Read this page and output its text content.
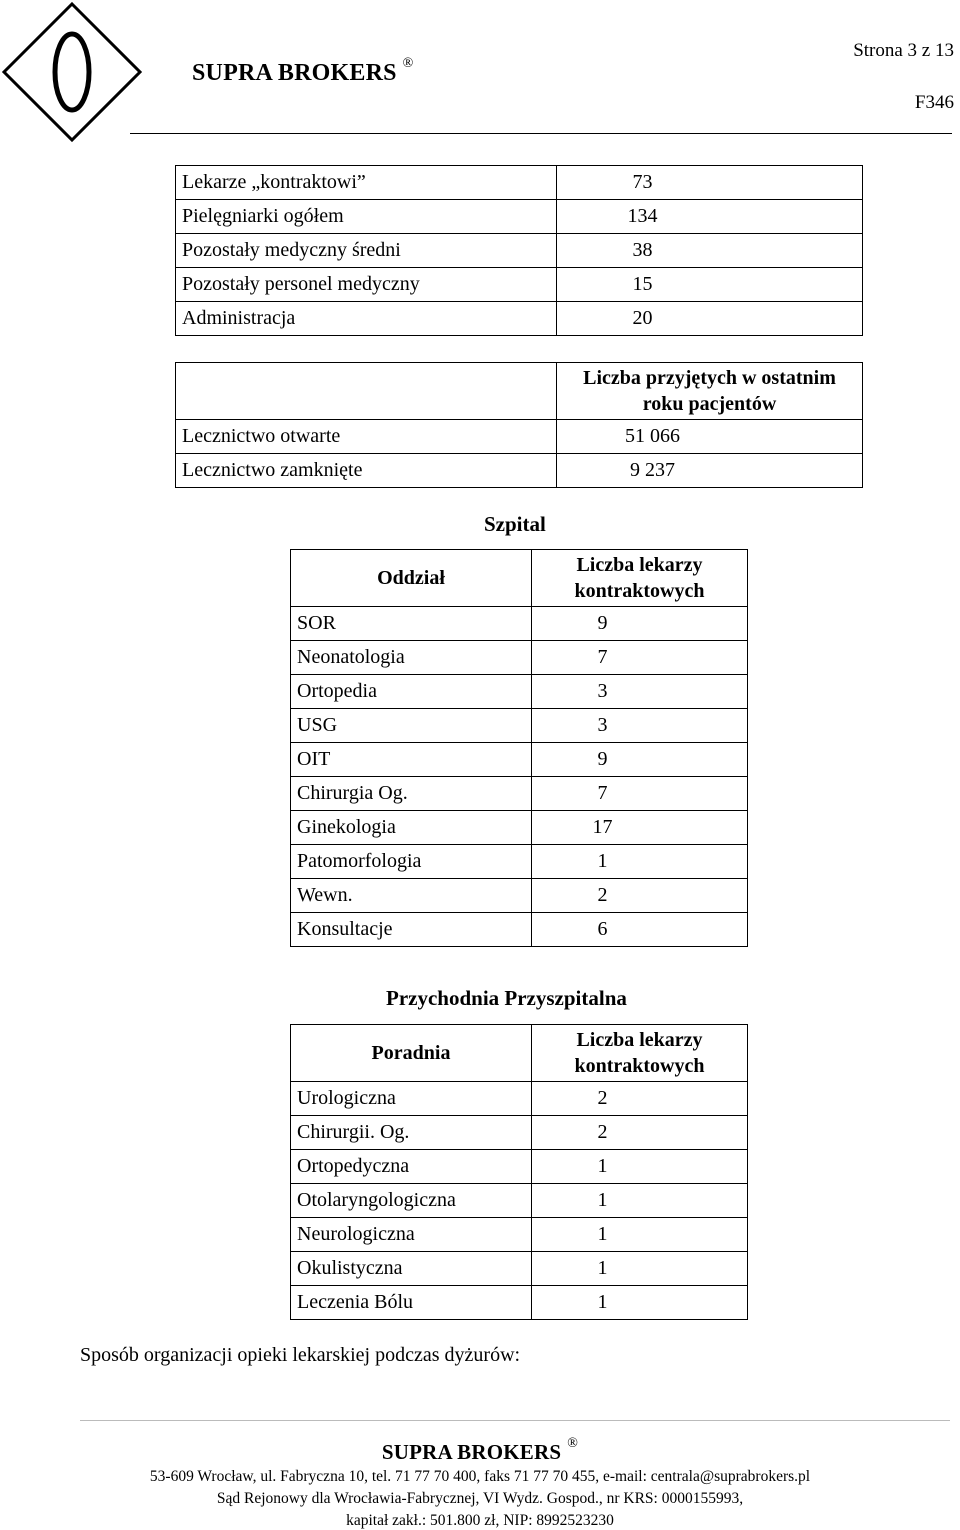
SUPRA BROKERS ®
Strona 3 z 13
F346
Lekarze „kontraktowi”	73
Pielęgniarki ogółem	134
Pozostały medyczny średni	38
Pozostały personel medyczny	15
Administracja	20
	Liczba przyjętych w ostatnim roku pacjentów
Lecznictwo otwarte	51 066
Lecznictwo zamknięte	9 237
Szpital
Oddział	Liczba lekarzy kontraktowych
SOR	9
Neonatologia	7
Ortopedia	3
USG	3
OIT	9
Chirurgia Og.	7
Ginekologia	17
Patomorfologia	1
Wewn.	2
Konsultacje	6
Przychodnia Przyszpitalna
Poradnia	Liczba lekarzy kontraktowych
Urologiczna	2
Chirurgii. Og.	2
Ortopedyczna	1
Otolaryngologiczna	1
Neurologiczna	1
Okulistyczna	1
Leczenia Bólu	1
Sposób organizacji opieki lekarskiej podczas dyżurów:
SUPRA BROKERS ®
53-609 Wrocław, ul. Fabryczna 10, tel. 71 77 70 400, faks 71 77 70 455, e-mail: centrala@suprabrokers.pl
Sąd Rejonowy dla Wrocławia-Fabrycznej, VI Wydz. Gospod., nr KRS: 0000155993,
kapitał zakł.: 501.800 zł, NIP: 8992523230
